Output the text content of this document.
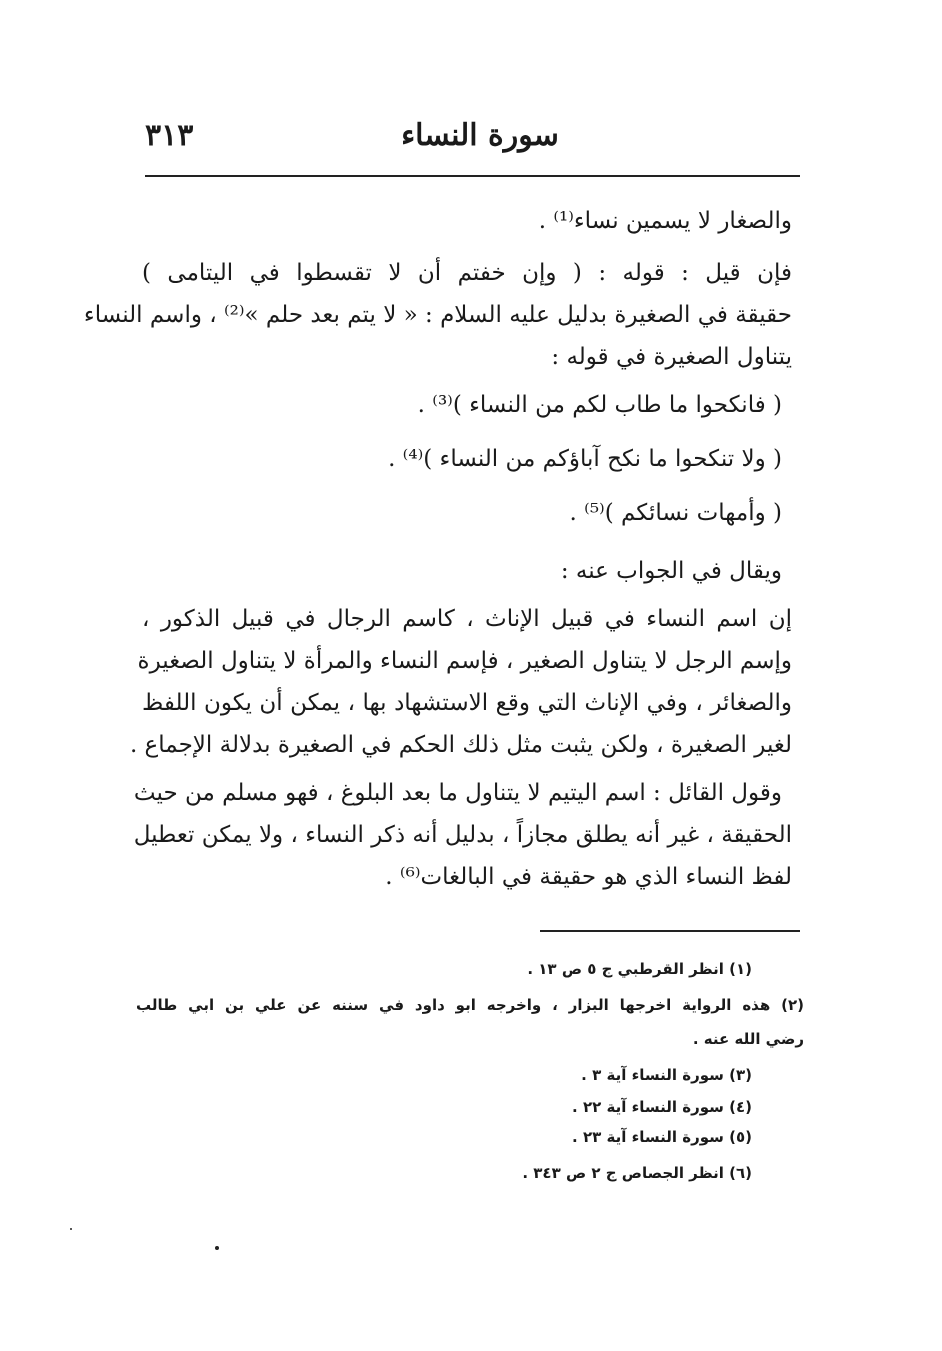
٣١٣	سورة النساء
والصغار لا يسمين نساء⁽¹⁾ .
فإن قيل : قوله : ( وإن خفتم أن لا تقسطوا في اليتامى )
حقيقة في الصغيرة بدليل عليه السلام : « لا يتم بعد حلم »⁽²⁾ ، واسم النساء
يتناول الصغيرة في قوله :
( فانكحوا ما طاب لكم من النساء )⁽³⁾ .
( ولا تنكحوا ما نكح آباؤكم من النساء )⁽⁴⁾ .
( وأمهات نسائكم )⁽⁵⁾ .
ويقال في الجواب عنه :
إن اسم النساء في قبيل الإناث ، كاسم الرجال في قبيل الذكور ،
وإسم الرجل لا يتناول الصغير ، فإسم النساء والمرأة لا يتناول الصغيرة
والصغائر ، وفي الإناث التي وقع الاستشهاد بها ، يمكن أن يكون اللفظ
لغير الصغيرة ، ولكن يثبت مثل ذلك الحكم في الصغيرة بدلالة الإجماع .
وقول القائل : اسم اليتيم لا يتناول ما بعد البلوغ ، فهو مسلم من حيث
الحقيقة ، غير أنه يطلق مجازاً ، بدليل أنه ذكر النساء ، ولا يمكن تعطيل
لفظ النساء الذي هو حقيقة في البالغات⁽⁶⁾ .
(١) انظر القرطبي ج ٥ ص ١٣ .
(٢) هذه الرواية اخرجها البزار ، واخرجه ابو داود في سننه عن علي بن ابي طالب
رضي الله عنه .
(٣) سورة النساء آية ٣ .
(٤) سورة النساء آية ٢٢ .
(٥) سورة النساء آية ٢٣ .
(٦) انظر الجصاص ج ٢ ص ٣٤٣ .
